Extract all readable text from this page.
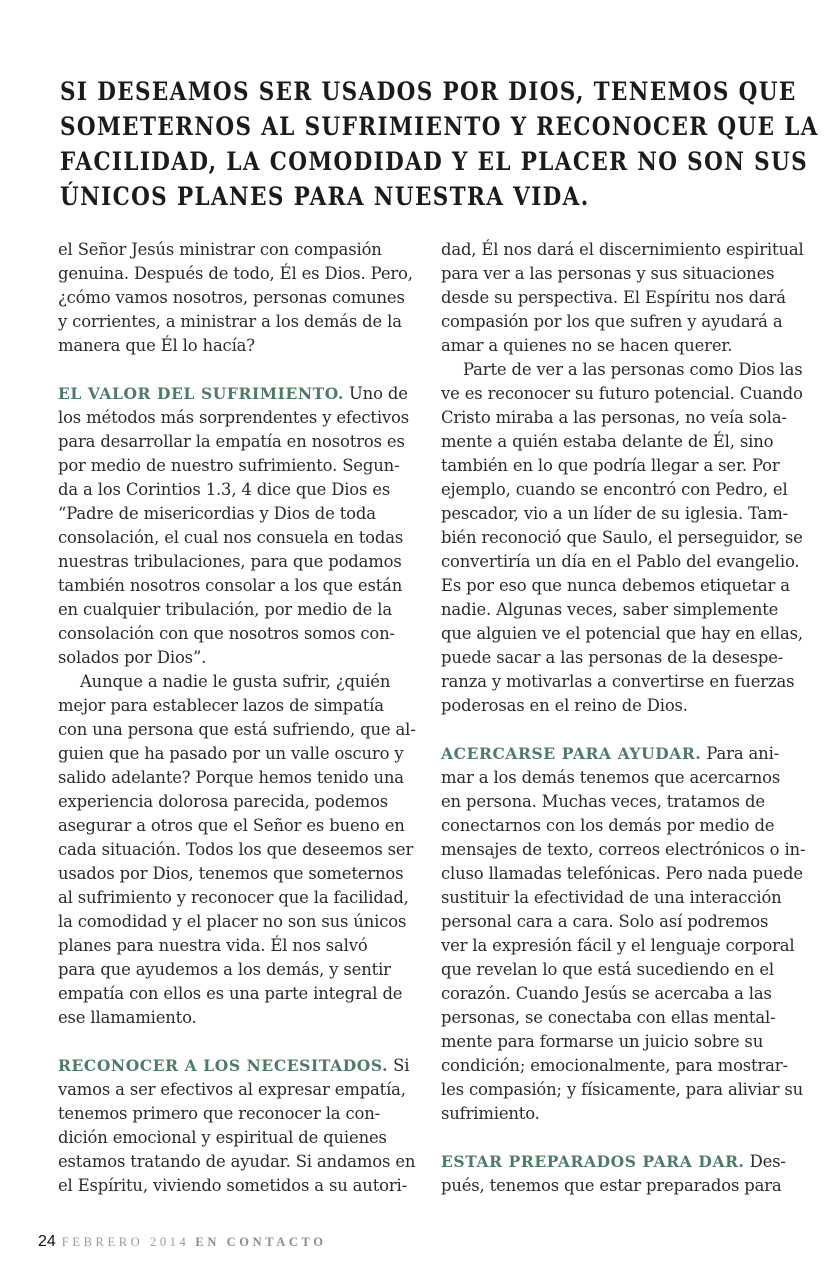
SI DESEAMOS SER USADOS POR DIOS, TENEMOS QUE
SOMETERNOS AL SUFRIMIENTO Y RECONOCER QUE LA
FACILIDAD, LA COMODIDAD Y EL PLACER NO SON SUS
ÚNICOS PLANES PARA NUESTRA VIDA.

el Señor Jesús ministrar con compasión
genuina. Después de todo, Él es Dios. Pero,
¿cómo vamos nosotros, personas comunes
y corrientes, a ministrar a los demás de la
manera que Él lo hacía?

EL VALOR DEL SUFRIMIENTO. Uno de
los métodos más sorprendentes y efectivos
para desarrollar la empatía en nosotros es
por medio de nuestro sufrimiento. Segun-
da a los Corintios 1.3, 4 dice que Dios es
“Padre de misericordias y Dios de toda
consolación, el cual nos consuela en todas
nuestras tribulaciones, para que podamos
también nosotros consolar a los que están
en cualquier tribulación, por medio de la
consolación con que nosotros somos con-
solados por Dios”.

Aunque a nadie le gusta sufrir, ¿quién
mejor para establecer lazos de simpatía
con una persona que está sufriendo, que al-
guien que ha pasado por un valle oscuro y
salido adelante? Porque hemos tenido una
experiencia dolorosa parecida, podemos
asegurar a otros que el Señor es bueno en
cada situación. Todos los que deseemos ser
usados por Dios, tenemos que someternos
al sufrimiento y reconocer que la facilidad,
la comodidad y el placer no son sus únicos
planes para nuestra vida. Él nos salvó
para que ayudemos a los demás, y sentir
empatía con ellos es una parte integral de
ese llamamiento.

RECONOCER A LOS NECESITADOS. Si
vamos a ser efectivos al expresar empatía,
tenemos primero que reconocer la con-
dición emocional y espiritual de quienes
estamos tratando de ayudar. Si andamos en
el Espíritu, viviendo sometidos a su autori-

dad, Él nos dará el discernimiento espiritual
para ver a las personas y sus situaciones
desde su perspectiva. El Espíritu nos dará
compasión por los que sufren y ayudará a
amar a quienes no se hacen querer.

Parte de ver a las personas como Dios las
ve es reconocer su futuro potencial. Cuando
Cristo miraba a las personas, no veía sola-
mente a quién estaba delante de Él, sino
también en lo que podría llegar a ser. Por
ejemplo, cuando se encontró con Pedro, el
pescador, vio a un líder de su iglesia. Tam-
bién reconoció que Saulo, el perseguidor, se
convertiría un día en el Pablo del evangelio.
Es por eso que nunca debemos etiquetar a
nadie. Algunas veces, saber simplemente
que alguien ve el potencial que hay en ellas,
puede sacar a las personas de la desespe-
ranza y motivarlas a convertirse en fuerzas
poderosas en el reino de Dios.

ACERCARSE PARA AYUDAR. Para ani-
mar a los demás tenemos que acercarnos
en persona. Muchas veces, tratamos de
conectarnos con los demás por medio de
mensajes de texto, correos electrónicos o in-
cluso llamadas telefónicas. Pero nada puede
sustituir la efectividad de una interacción
personal cara a cara. Solo así podremos
ver la expresión fácil y el lenguaje corporal
que revelan lo que está sucediendo en el
corazón. Cuando Jesús se acercaba a las
personas, se conectaba con ellas mental-
mente para formarse un juicio sobre su
condición; emocionalmente, para mostrar-
les compasión; y físicamente, para aliviar su
sufrimiento.

ESTAR PREPARADOS PARA DAR. Des-
pués, tenemos que estar preparados para

24 FEBRERO 2014 EN CONTACTO
